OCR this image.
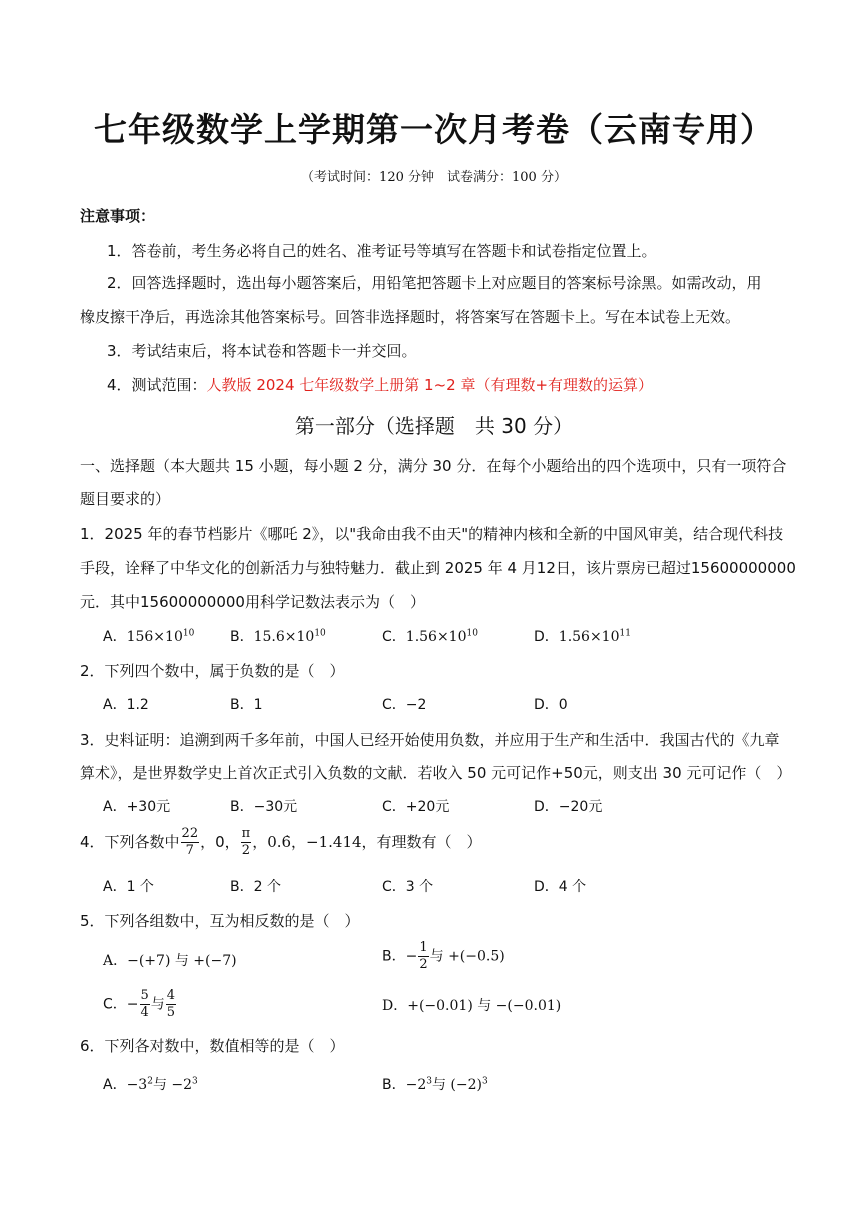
七年级数学上学期第一次月考卷（云南专用）
（考试时间：120 分钟　试卷满分：100 分）
注意事项：
1．答卷前，考生务必将自己的姓名、准考证号等填写在答题卡和试卷指定位置上。
2．回答选择题时，选出每小题答案后，用铅笔把答题卡上对应题目的答案标号涂黑。如需改动，用
橡皮擦干净后，再选涂其他答案标号。回答非选择题时，将答案写在答题卡上。写在本试卷上无效。
3．考试结束后，将本试卷和答题卡一并交回。
4．测试范围：人教版 2024 七年级数学上册第 1~2 章（有理数+有理数的运算）
第一部分（选择题　共 30 分）
一、选择题（本大题共 15 小题，每小题 2 分，满分 30 分．在每个小题给出的四个选项中，只有一项符合
题目要求的）
1．2025 年的春节档影片《哪吒 2》，以"我命由我不由天"的精神内核和全新的中国风审美，结合现代科技
手段，诠释了中华文化的创新活力与独特魅力．截止到 2025 年 4 月12日，该片票房已超过15600000000
元．其中15600000000用科学记数法表示为（　）
A．$156\times 10^{10}$	B．$15.6\times 10^{10}$	C．$1.56\times 10^{10}$	D．$1.56\times 10^{11}$
2．下列四个数中，属于负数的是（　）
A．1.2	B．1	C．−2	D．0
3．史料证明：追溯到两千多年前，中国人已经开始使用负数，并应用于生产和生活中．我国古代的《九章
算术》，是世界数学史上首次正式引入负数的文献．若收入 50 元可记作+50元，则支出 30 元可记作（　）
A．+30元	B．−30元	C．+20元	D．−20元
4．下列各数中 $\frac{22}{7}$ ，0， $\frac{\pi}{2}$ ，0.6̇，−1.414，有理数有（　）
A．1 个	B．2 个	C．3 个	D．4 个
5．下列各组数中，互为相反数的是（　）
A．−(+7) 与 +(−7)	B．− $\frac{1}{2}$ 与 +(−0.5)
C．− $\frac{5}{4}$ 与 $\frac{4}{5}$	D．+(−0.01) 与 −(−0.01)
6．下列各对数中，数值相等的是（　）
A．$-3^2$与 $-2^3$	B．$-2^3$与 $(-2)^3$
